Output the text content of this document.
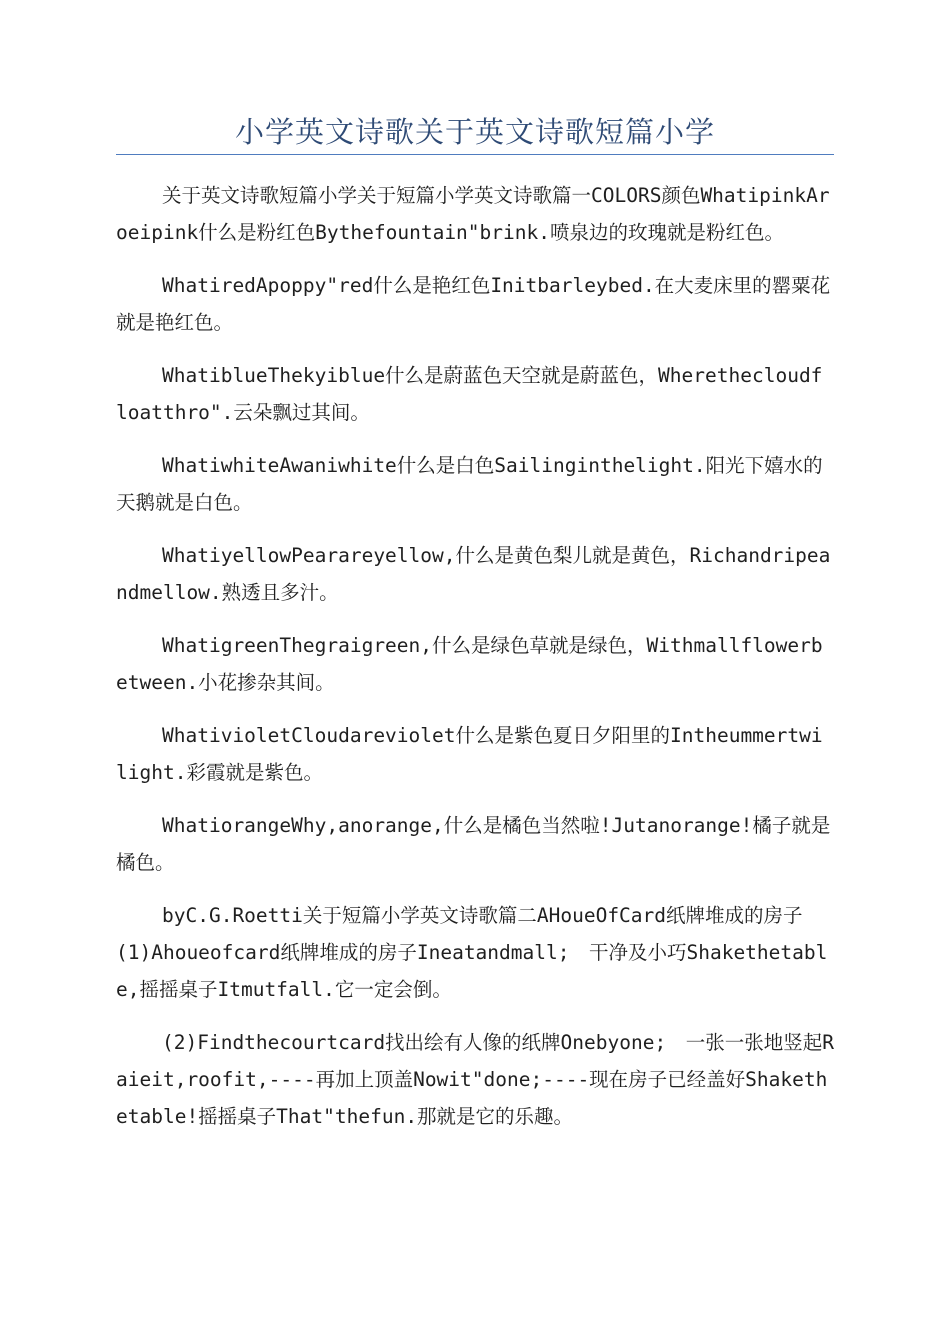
小学英文诗歌关于英文诗歌短篇小学

关于英文诗歌短篇小学关于短篇小学英文诗歌篇一COLORS颜色WhatipinkAroeipink什么是粉红色Bythefountain"brink.喷泉边的玫瑰就是粉红色。

WhatiredApoppy"red什么是艳红色Initbarleybed.在大麦床里的罂粟花就是艳红色。

WhatiblueThekyiblue什么是蔚蓝色天空就是蔚蓝色，Wherethecloudfloatthro".云朵飘过其间。

WhatiwhiteAwaniwhite什么是白色Sailinginthelight.阳光下嬉水的天鹅就是白色。

WhatiyellowPearareyellow,什么是黄色梨儿就是黄色，Richandripeandmellow.熟透且多汁。

WhatigreenThegraigreen,什么是绿色草就是绿色，Withmallflowerbetween.小花掺杂其间。

WhativioletCloudareviolet什么是紫色夏日夕阳里的Intheummertwilight.彩霞就是紫色。

WhatiorangeWhy,anorange,什么是橘色当然啦!Jutanorange!橘子就是橘色。

byC.G.Roetti关于短篇小学英文诗歌篇二AHoueOfCard纸牌堆成的房子(1)Ahoueofcard纸牌堆成的房子Ineatandmall;　干净及小巧Shakethetable,摇摇桌子Itmutfall.它一定会倒。

(2)Findthecourtcard找出绘有人像的纸牌Onebyone;　一张一张地竖起Raieit,roofit,----再加上顶盖Nowit"done;----现在房子已经盖好Shakethetable!摇摇桌子That"thefun.那就是它的乐趣。
